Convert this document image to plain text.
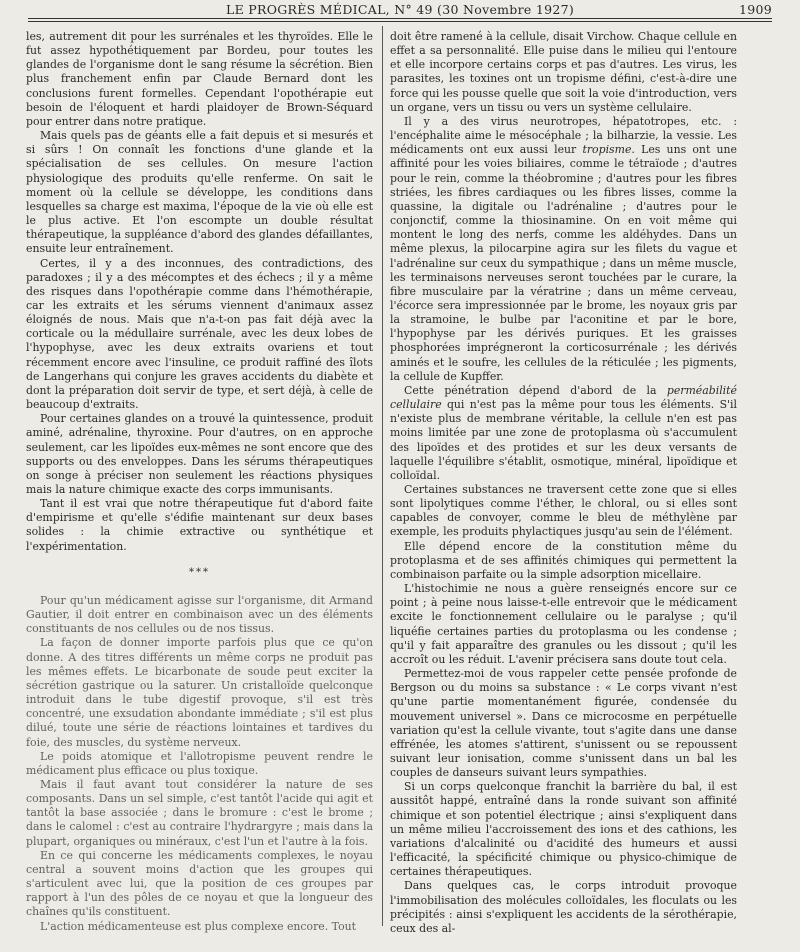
LE PROGRÈS MÉDICAL, N° 49 (30 Novembre 1927)	1909

les, autrement dit pour les surrénales et les thyroïdes. Elle le fut assez hypothétiquement par Bordeu, pour toutes les glandes de l'organisme dont le sang résume la sécrétion. Bien plus franchement enfin par Claude Bernard dont les conclusions furent formelles. Cependant l'opothérapie eut besoin de l'éloquent et hardi plaidoyer de Brown-Séquard pour entrer dans notre pratique.

Mais quels pas de géants elle a fait depuis et si mesurés et si sûrs ! On connaît les fonctions d'une glande et la spécialisation de ses cellules. On mesure l'action physiologique des produits qu'elle renferme. On sait le moment où la cellule se développe, les conditions dans lesquelles sa charge est maxima, l'époque de la vie où elle est le plus active. Et l'on escompte un double résultat thérapeutique, la suppléance d'abord des glandes défaillantes, ensuite leur entraînement.

Certes, il y a des inconnues, des contradictions, des paradoxes ; il y a des mécomptes et des échecs ; il y a même des risques dans l'opothérapie comme dans l'hémothérapie, car les extraits et les sérums viennent d'animaux assez éloignés de nous. Mais que n'a-t-on pas fait déjà avec la corticale ou la médullaire surrénale, avec les deux lobes de l'hypophyse, avec les deux extraits ovariens et tout récemment encore avec l'insuline, ce produit raffiné des îlots de Langerhans qui conjure les graves accidents du diabète et dont la préparation doit servir de type, et sert déjà, à celle de beaucoup d'extraits.

Pour certaines glandes on a trouvé la quintessence, produit aminé, adrénaline, thyroxine. Pour d'autres, on en approche seulement, car les lipoïdes eux-mêmes ne sont encore que des supports ou des enveloppes. Dans les sérums thérapeutiques on songe à préciser non seulement les réactions physiques mais la nature chimique exacte des corps immunisants.

Tant il est vrai que notre thérapeutique fut d'abord faite d'empirisme et qu'elle s'édifie maintenant sur deux bases solides : la chimie extractive ou synthétique et l'expérimentation.

***

Pour qu'un médicament agisse sur l'organisme, dit Armand Gautier, il doit entrer en combinaison avec un des éléments constituants de nos cellules ou de nos tissus.

La façon de donner importe parfois plus que ce qu'on donne. A des titres différents un même corps ne produit pas les mêmes effets. Le bicarbonate de soude peut exciter la sécrétion gastrique ou la saturer. Un cristalloïde quelconque introduit dans le tube digestif provoque, s'il est très concentré, une exsudation abondante immédiate ; s'il est plus dilué, toute une série de réactions lointaines et tardives du foie, des muscles, du système nerveux.

Le poids atomique et l'allotropisme peuvent rendre le médicament plus efficace ou plus toxique.

Mais il faut avant tout considérer la nature de ses composants. Dans un sel simple, c'est tantôt l'acide qui agit et tantôt la base associée ; dans le bromure : c'est le brome ; dans le calomel : c'est au contraire l'hydrargyre ; mais dans la plupart, organiques ou minéraux, c'est l'un et l'autre à la fois.

En ce qui concerne les médicaments complexes, le noyau central a souvent moins d'action que les groupes qui s'articulent avec lui, que la position de ces groupes par rapport à l'un des pôles de ce noyau et que la longueur des chaînes qu'ils constituent.

L'action médicamenteuse est plus complexe encore. Tout

doit être ramené à la cellule, disait Virchow. Chaque cellule en effet a sa personnalité. Elle puise dans le milieu qui l'entoure et elle incorpore certains corps et pas d'autres. Les virus, les parasites, les toxines ont un tropisme défini, c'est-à-dire une force qui les pousse quelle que soit la voie d'introduction, vers un organe, vers un tissu ou vers un système cellulaire.

Il y a des virus neurotropes, hépatotropes, etc. : l'encéphalite aime le mésocéphale ; la bilharzie, la vessie. Les médicaments ont eux aussi leur tropisme. Les uns ont une affinité pour les voies biliaires, comme le tétraïode ; d'autres pour le rein, comme la théobromine ; d'autres pour les fibres striées, les fibres cardiaques ou les fibres lisses, comme la quassine, la digitale ou l'adrénaline ; d'autres pour le conjonctif, comme la thiosinamine. On en voit même qui montent le long des nerfs, comme les aldéhydes. Dans un même plexus, la pilocarpine agira sur les filets du vague et l'adrénaline sur ceux du sympathique ; dans un même muscle, les terminaisons nerveuses seront touchées par le curare, la fibre musculaire par la vératrine ; dans un même cerveau, l'écorce sera impressionnée par le brome, les noyaux gris par la stramoine, le bulbe par l'aconitine et par le bore, l'hypophyse par les dérivés puriques. Et les graisses phosphorées imprégneront la corticosurrénale ; les dérivés aminés et le soufre, les cellules de la réticulée ; les pigments, la cellule de Kupffer.

Cette pénétration dépend d'abord de la perméabilité cellulaire qui n'est pas la même pour tous les éléments. S'il n'existe plus de membrane véritable, la cellule n'en est pas moins limitée par une zone de protoplasma où s'accumulent des lipoïdes et des protides et sur les deux versants de laquelle l'équilibre s'établit, osmotique, minéral, lipoïdique et colloïdal.

Certaines substances ne traversent cette zone que si elles sont lipolytiques comme l'éther, le chloral, ou si elles sont capables de convoyer, comme le bleu de méthylène par exemple, les produits phylactiques jusqu'au sein de l'élément.

Elle dépend encore de la constitution même du protoplasma et de ses affinités chimiques qui permettent la combinaison parfaite ou la simple adsorption micellaire.

L'histochimie ne nous a guère renseignés encore sur ce point ; à peine nous laisse-t-elle entrevoir que le médicament excite le fonctionnement cellulaire ou le paralyse ; qu'il liquéfie certaines parties du protoplasma ou les condense ; qu'il y fait apparaître des granules ou les dissout ; qu'il les accroît ou les réduit. L'avenir précisera sans doute tout cela.

Permettez-moi de vous rappeler cette pensée profonde de Bergson ou du moins sa substance : « Le corps vivant n'est qu'une partie momentanément figurée, condensée du mouvement universel ». Dans ce microcosme en perpétuelle variation qu'est la cellule vivante, tout s'agite dans une danse effrénée, les atomes s'attirent, s'unissent ou se repoussent suivant leur ionisation, comme s'unissent dans un bal les couples de danseurs suivant leurs sympathies.

Si un corps quelconque franchit la barrière du bal, il est aussitôt happé, entraîné dans la ronde suivant son affinité chimique et son potentiel électrique ; ainsi s'expliquent dans un même milieu l'accroissement des ions et des cathions, les variations d'alcalinité ou d'acidité des humeurs et aussi l'efficacité, la spécificité chimique ou physico-chimique de certaines thérapeutiques.

Dans quelques cas, le corps introduit provoque l'immobilisation des molécules colloïdales, les floculats ou les précipités : ainsi s'expliquent les accidents de la sérothérapie, ceux des al-
